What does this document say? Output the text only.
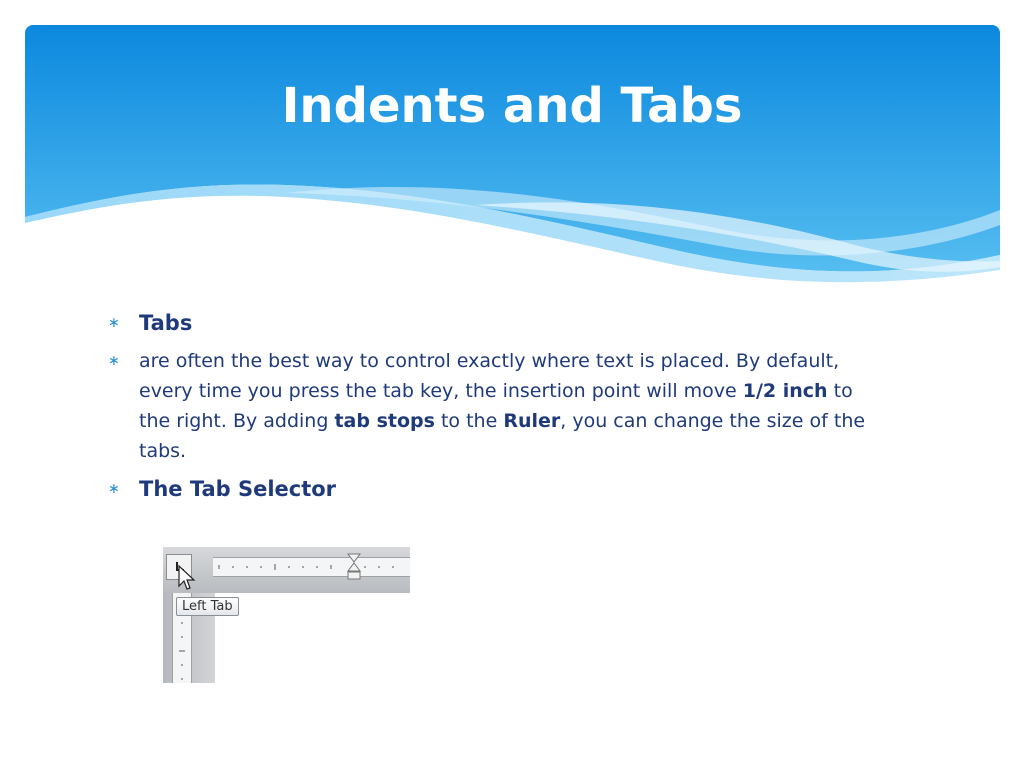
Indents and Tabs
∗ Tabs
∗ are often the best way to control exactly where text is placed. By default, every time you press the tab key, the insertion point will move 1/2 inch to the right. By adding tab stops to the Ruler, you can change the size of the tabs.
∗ The Tab Selector
Left Tab
